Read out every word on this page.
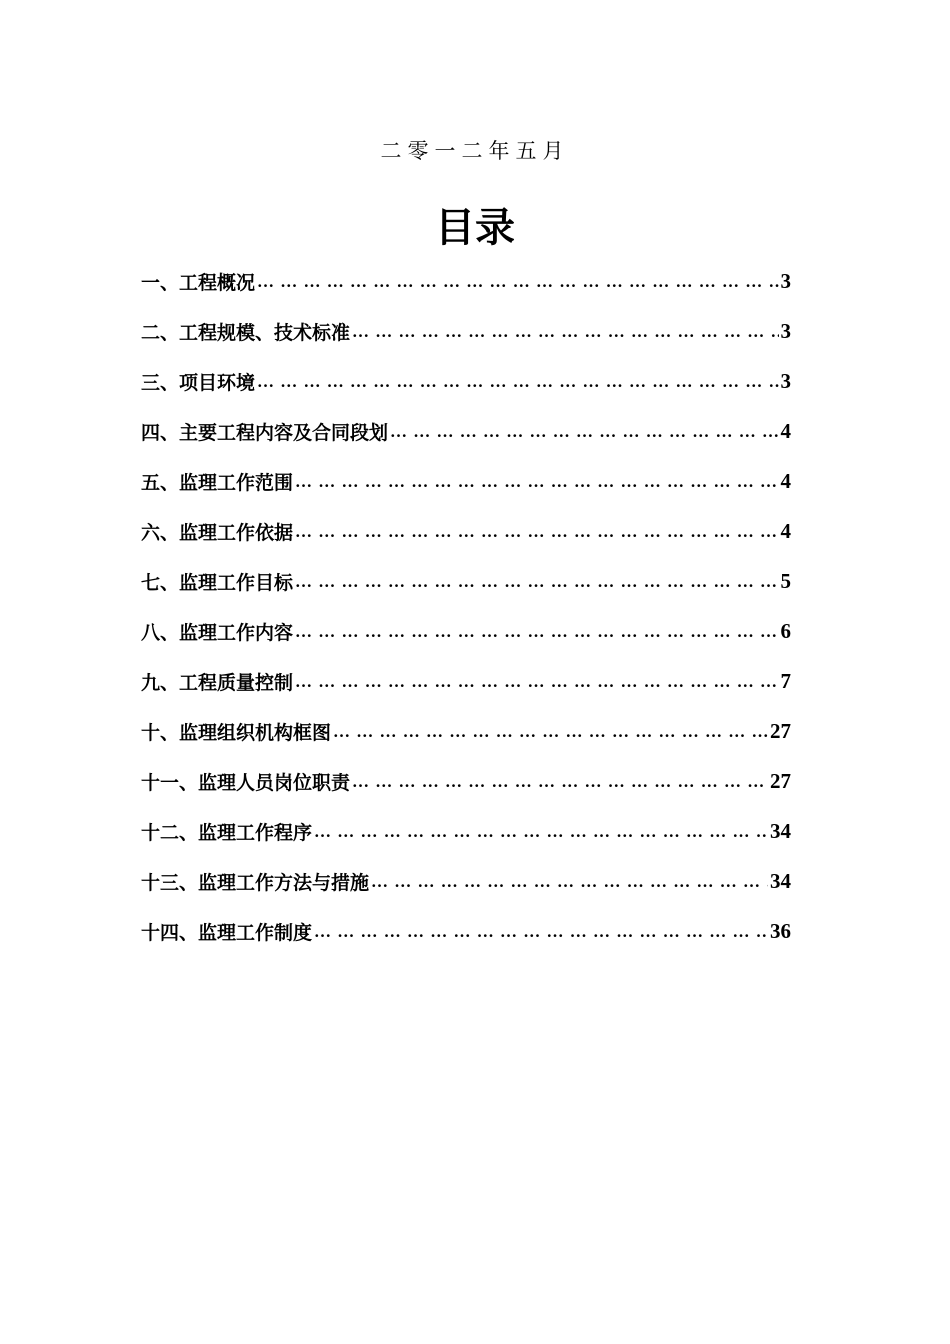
二零一二年五月
目录
一、工程概况 … … … … … … … … … … … … … … … … … … … … … … … … … … … … … … … … … … … … … … … … … …	3
二、工程规模、技术标准 … … … … … … … … … … … … … … … … … … … … … … … … … … … … … … … … … … … … … … … … … …	3
三、项目环境 … … … … … … … … … … … … … … … … … … … … … … … … … … … … … … … … … … … … … … … … … …	3
四、主要工程内容及合同段划 … … … … … … … … … … … … … … … … … … … … … … … … … … … … … … … … … … … … … … … … … …	4
五、监理工作范围 … … … … … … … … … … … … … … … … … … … … … … … … … … … … … … … … … … … … … … … … … …	4
六、监理工作依据 … … … … … … … … … … … … … … … … … … … … … … … … … … … … … … … … … … … … … … … … … …	4
七、监理工作目标 … … … … … … … … … … … … … … … … … … … … … … … … … … … … … … … … … … … … … … … … … …	5
八、监理工作内容 … … … … … … … … … … … … … … … … … … … … … … … … … … … … … … … … … … … … … … … … … …	6
九、工程质量控制 … … … … … … … … … … … … … … … … … … … … … … … … … … … … … … … … … … … … … … … … … …	7
十、监理组织机构框图 … … … … … … … … … … … … … … … … … … … … … … … … … … … … … … … … … … … … … … … … … …	27
十一、监理人员岗位职责 … … … … … … … … … … … … … … … … … … … … … … … … … … … … … … … … … … … … … … … … … …	27
十二、监理工作程序 … … … … … … … … … … … … … … … … … … … … … … … … … … … … … … … … … … … … … … … … … …	34
十三、监理工作方法与措施 … … … … … … … … … … … … … … … … … … … … … … … … … … … … … … … … … … … … … … … … … …	34
十四、监理工作制度 … … … … … … … … … … … … … … … … … … … … … … … … … … … … … … … … … … … … … … … … … …	36
